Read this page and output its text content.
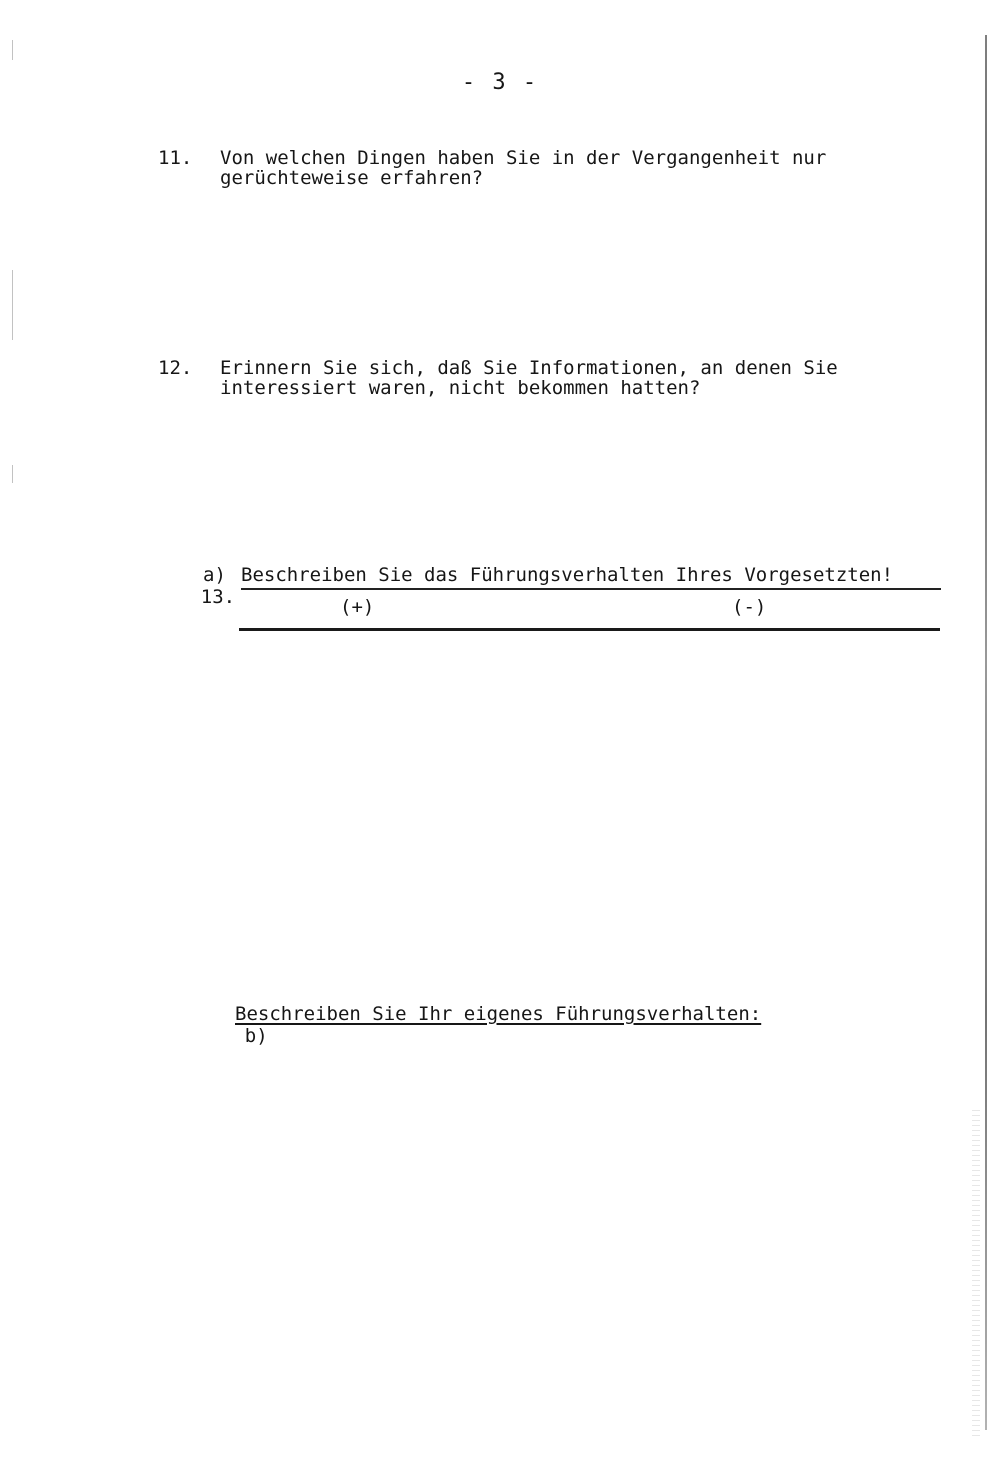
- 3 -

11.

Von welchen Dingen haben Sie in der Vergangenheit nur
gerüchteweise erfahren?

12.

Erinnern Sie sich, daß Sie Informationen, an denen Sie
interessiert waren, nicht bekommen hatten?

13.

a)

Beschreiben Sie das Führungsverhalten Ihres Vorgesetzten!

(+)	(-)

b)

Beschreiben Sie Ihr eigenes Führungsverhalten:
